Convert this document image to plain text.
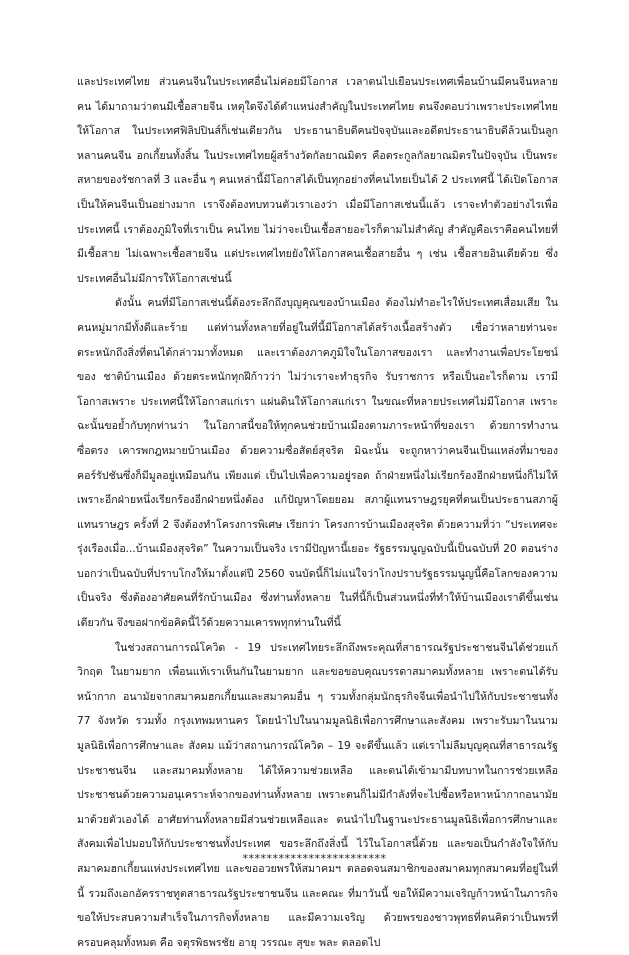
และประเทศไทย ส่วนคนจีนในประเทศอื่นไม่ค่อยมีโอกาส เวลาตนไปเยือนประเทศเพื่อนบ้านมีคนจีนหลายคน ได้มาถามว่าตนมีเชื้อสายจีน เหตุใดจึงได้ตำแหน่งสำคัญในประเทศไทย ตนจึงตอบว่าเพราะประเทศไทย ให้โอกาส ในประเทศฟิลิปปินส์ก็เช่นเดียวกัน ประธานาธิบดีคนปัจจุบันและอดีตประธานาธิบดีล้วนเป็นลูกหลานคนจีน อกเกี้ยนทั้งสิ้น ในประเทศไทยผู้สร้างวัดกัลยาณมิตร คือตระกูลกัลยาณมิตรในปัจจุบัน เป็นพระสหายของรัชกาลที่ 3 และอื่น ๆ คนเหล่านี้มีโอกาสได้เป็นทุกอย่างที่คนไทยเป็นได้ 2 ประเทศนี้ ได้เปิดโอกาสเป็นให้คนจีนเป็นอย่างมาก เราจึงต้องทบทวนตัวเราเองว่า เมื่อมีโอกาสเช่นนี้แล้ว เราจะทำตัวอย่างไรเพื่อประเทศนี้ เราต้องภูมิใจที่เราเป็น คนไทย ไม่ว่าจะเป็นเชื้อสายอะไรก็ตามไม่สำคัญ สำคัญคือเราคือคนไทยที่มีเชื้อสาย ไม่เฉพาะเชื้อสายจีน แต่ประเทศไทยยังให้โอกาสคนเชื้อสายอื่น ๆ เช่น เชื้อสายอินเดียด้วย ซึ่งประเทศอื่นไม่มีการให้โอกาสเช่นนี้

ดังนั้น คนที่มีโอกาสเช่นนี้ต้องระลึกถึงบุญคุณของบ้านเมือง ต้องไม่ทำอะไรให้ประเทศเสื่อมเสีย ในคนหมู่มากมีทั้งดีและร้าย แต่ท่านทั้งหลายที่อยู่ในที่นี้มีโอกาสได้สร้างเนื้อสร้างตัว เชื่อว่าหลายท่านจะ ตระหนักถึงสิ่งที่ตนได้กล่าวมาทั้งหมด และเราต้องภาคภูมิใจในโอกาสของเรา และทำงานเพื่อประโยชน์ ของ ชาติบ้านเมือง ด้วยตระหนักทุกฝีก้าวว่า ไม่ว่าเราจะทำธุรกิจ รับราชการ หรือเป็นอะไรก็ตาม เรามีโอกาสเพราะ ประเทศนี้ให้โอกาสแก่เรา แผ่นดินให้โอกาสแก่เรา ในขณะที่หลายประเทศไม่มีโอกาส เพราะฉะนั้นขอย้ำกับทุกท่านว่า ในโอกาสนี้ขอให้ทุกคนช่วยบ้านเมืองตามภาระหน้าที่ของเรา ด้วยการทำงานซื่อตรง เคารพกฎหมายบ้านเมือง ด้วยความซื่อสัตย์สุจริต มิฉะนั้น จะถูกหาว่าคนจีนเป็นแหล่งที่มาของคอร์รัปชันซึ่งก็มีมูลอยู่เหมือนกัน เพียงแต่ เป็นไปเพื่อความอยู่รอด ถ้าฝ่ายหนึ่งไม่เรียกร้องอีกฝ่ายหนึ่งก็ไม่ให้ เพราะอีกฝ่ายหนึ่งเรียกร้องอีกฝ่ายหนึ่งต้อง แก้ปัญหาโดยยอม สภาผู้แทนราษฎรยุคที่ตนเป็นประธานสภาผู้แทนราษฎร ครั้งที่ 2 จึงต้องทำโครงการพิเศษ เรียกว่า โครงการบ้านเมืองสุจริต ด้วยความที่ว่า “ประเทศจะรุ่งเรืองเมื่อ...บ้านเมืองสุจริต” ในความเป็นจริง เรามีปัญหานี้เยอะ รัฐธรรมนูญฉบับนี้เป็นฉบับที่ 20 ตอนร่างบอกว่าเป็นฉบับที่ปราบโกงให้มาตั้งแต่ปี 2560 จนบัดนี้ก็ไม่แน่ใจว่าโกงปราบรัฐธรรมนูญนี้คือโลกของความเป็นจริง ซึ่งต้องอาศัยคนที่รักบ้านเมือง ซึ่งท่านทั้งหลาย ในที่นี้ก็เป็นส่วนหนึ่งที่ทำให้บ้านเมืองเราดีขึ้นเช่นเดียวกัน จึงขอฝากข้อคิดนี้ไว้ด้วยความเคารพทุกท่านในที่นี้

ในช่วงสถานการณ์โควิด - 19 ประเทศไทยระลึกถึงพระคุณที่สาธารณรัฐประชาชนจีนได้ช่วยแก้วิกฤต ในยามยาก เพื่อนแท้เราเห็นกันในยามยาก และขอขอบคุณบรรดาสมาคมทั้งหลาย เพราะตนได้รับหน้ากาก อนามัยจากสมาคมฮกเกี้ยนและสมาคมอื่น ๆ รวมทั้งกลุ่มนักธุรกิจจีนเพื่อนำไปให้กับประชาชนทั้ง 77 จังหวัด รวมทั้ง กรุงเทพมหานคร โดยนำไปในนามมูลนิธิเพื่อการศึกษาและสังคม เพราะรับมาในนามมูลนิธิเพื่อการศึกษาและ สังคม แม้ว่าสถานการณ์โควิด – 19 จะดีขึ้นแล้ว แต่เราไม่ลืมบุญคุณที่สาธารณรัฐประชาชนจีน และสมาคมทั้งหลาย ได้ให้ความช่วยเหลือ และตนได้เข้ามามีบทบาทในการช่วยเหลือประชาชนด้วยความอนุเคราะห์จากของท่านทั้งหลาย เพราะตนก็ไม่มีกำลังที่จะไปซื้อหรือหาหน้ากากอนามัยมาด้วยตัวเองได้ อาศัยท่านทั้งหลายมีส่วนช่วยเหลือและ ตนนำไปในฐานะประธานมูลนิธิเพื่อการศึกษาและสังคมเพื่อไปมอบให้กับประชาชนทั้งประเทศ ขอระลึกถึงสิ่งนี้ ไว้ในโอกาสนี้ด้วย และขอเป็นกำลังใจให้กับสมาคมฮกเกี้ยนแห่งประเทศไทย และขออวยพรให้สมาคมฯ ตลอดจนสมาชิกของสมาคมทุกสมาคมที่อยู่ในที่นี้ รวมถึงเอกอัครราชทูตสาธารณรัฐประชาชนจีน และคณะ ที่มาวันนี้ ขอให้มีความเจริญก้าวหน้าในภารกิจ ขอให้ประสบความสำเร็จในภารกิจทั้งหลาย และมีความเจริญ ด้วยพรของชาวพุทธที่ตนคิดว่าเป็นพรที่ครอบคลุมทั้งหมด คือ จตุรพิธพรชัย อายุ วรรณะ สุขะ พละ ตลอดไป

************************
